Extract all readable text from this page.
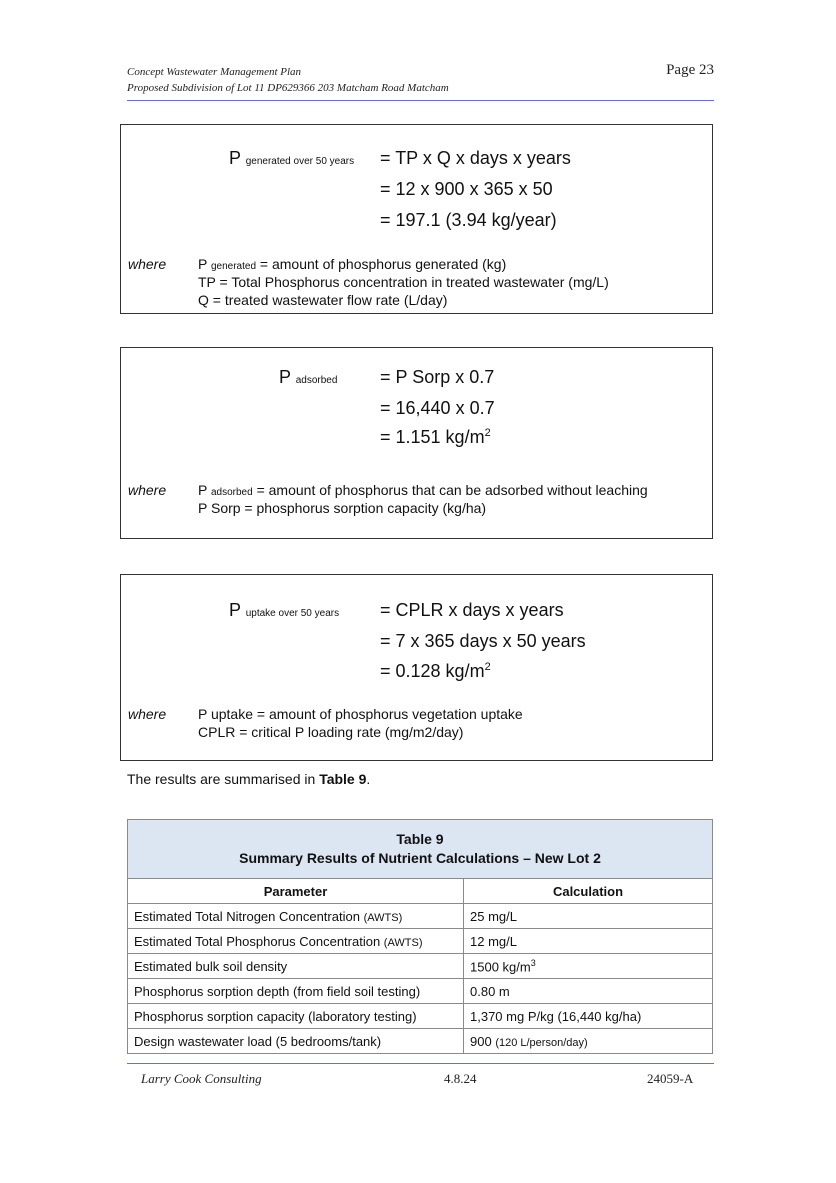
Concept Wastewater Management Plan
Proposed Subdivision of Lot 11 DP629366 203 Matcham Road Matcham
Page 23
P generated over 50 years = TP x Q x days x years
= 12 x 900 x 365 x 50
= 197.1 (3.94 kg/year)
where P generated = amount of phosphorus generated (kg)
TP = Total Phosphorus concentration in treated wastewater (mg/L)
Q = treated wastewater flow rate (L/day)
P adsorbed = P Sorp x 0.7
= 16,440 x 0.7
= 1.151 $kg/m^2$
where P adsorbed = amount of phosphorus that can be adsorbed without leaching
P Sorp = phosphorus sorption capacity (kg/ha)
P uptake over 50 years = CPLR x days x years
= 7 x 365 days x 50 years
= 0.128 $kg/m^2$
where P uptake = amount of phosphorus vegetation uptake
CPLR = critical P loading rate (mg/m2/day)
The results are summarised in Table 9.
Table 9
Summary Results of Nutrient Calculations – New Lot 2	

Parameter	Calculation
Estimated Total Nitrogen Concentration (AWTS)	25 mg/L
Estimated Total Phosphorus Concentration (AWTS)	12 mg/L
Estimated bulk soil density	1500 $kg/m^3$
Phosphorus sorption depth (from field soil testing)	0.80 m
Phosphorus sorption capacity (laboratory testing)	1,370 mg P/kg (16,440 kg/ha)
Design wastewater load (5 bedrooms/tank)	900 (120 L/person/day)
Larry Cook Consulting	4.8.24	24059-A
